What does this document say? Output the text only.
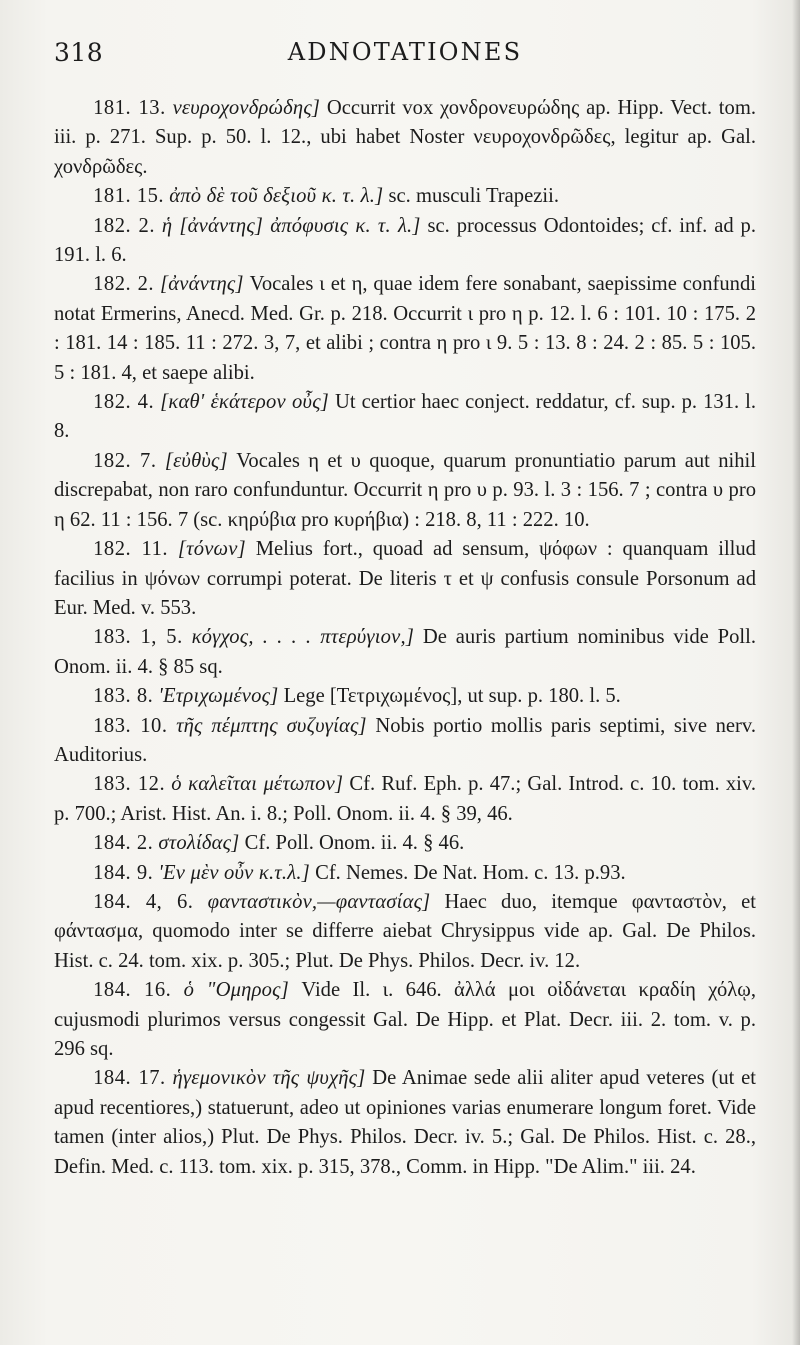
318	ADNOTATIONES

181. 13. νευροχονδρώδης] Occurrit vox χονδρονευρώδης ap. Hipp. Vect. tom. iii. p. 271. Sup. p. 50. l. 12., ubi habet Noster νευροχονδρῶδες, legitur ap. Gal. χονδρῶδες.

181. 15. ἀπὸ δὲ τοῦ δεξιοῦ κ. τ. λ.] sc. musculi Trapezii.

182. 2. ἡ [ἀνάντης] ἀπόφυσις κ. τ. λ.] sc. processus Odontoides; cf. inf. ad p. 191. l. 6.

182. 2. [ἀνάντης] Vocales ι et η, quae idem fere sonabant, saepissime confundi notat Ermerins, Anecd. Med. Gr. p. 218. Occurrit ι pro η p. 12. l. 6 : 101. 10 : 175. 2 : 181. 14 : 185. 11 : 272. 3, 7, et alibi ; contra η pro ι 9. 5 : 13. 8 : 24. 2 : 85. 5 : 105. 5 : 181. 4, et saepe alibi.

182. 4. [καθ' ἑκάτερον οὖς] Ut certior haec conject. reddatur, cf. sup. p. 131. l. 8.

182. 7. [εὐθὺς] Vocales η et υ quoque, quarum pronuntiatio parum aut nihil discrepabat, non raro confunduntur. Occurrit η pro υ p. 93. l. 3 : 156. 7 ; contra υ pro η 62. 11 : 156. 7 (sc. κηρύβια pro κυρήβια) : 218. 8, 11 : 222. 10.

182. 11. [τόνων] Melius fort., quoad ad sensum, ψόφων : quanquam illud facilius in ψόνων corrumpi poterat. De literis τ et ψ confusis consule Porsonum ad Eur. Med. v. 553.

183. 1, 5. κόγχος, . . . . πτερύγιον,] De auris partium nominibus vide Poll. Onom. ii. 4. § 85 sq.

183. 8. 'Ετριχωμένος] Lege [Τετριχωμένος], ut sup. p. 180. l. 5.

183. 10. τῆς πέμπτης συζυγίας] Nobis portio mollis paris septimi, sive nerv. Auditorius.

183. 12. ὁ καλεῖται μέτωπον] Cf. Ruf. Eph. p. 47.; Gal. Introd. c. 10. tom. xiv. p. 700.; Arist. Hist. An. i. 8.; Poll. Onom. ii. 4. § 39, 46.

184. 2. στολίδας] Cf. Poll. Onom. ii. 4. § 46.

184. 9. 'Εν μὲν οὖν κ.τ.λ.] Cf. Nemes. De Nat. Hom. c. 13. p.93.

184. 4, 6. φανταστικὸν,—φαντασίας] Haec duo, itemque φανταστὸν, et φάντασμα, quomodo inter se differre aiebat Chrysippus vide ap. Gal. De Philos. Hist. c. 24. tom. xix. p. 305.; Plut. De Phys. Philos. Decr. iv. 12.

184. 16. ὁ "Ομηρος] Vide Il. ι. 646. ἀλλά μοι οἰδάνεται κραδίη χόλῳ, cujusmodi plurimos versus congessit Gal. De Hipp. et Plat. Decr. iii. 2. tom. v. p. 296 sq.

184. 17. ἡγεμονικὸν τῆς ψυχῆς] De Animae sede alii aliter apud veteres (ut et apud recentiores,) statuerunt, adeo ut opiniones varias enumerare longum foret. Vide tamen (inter alios,) Plut. De Phys. Philos. Decr. iv. 5.; Gal. De Philos. Hist. c. 28., Defin. Med. c. 113. tom. xix. p. 315, 378., Comm. in Hipp. "De Alim." iii. 24.
